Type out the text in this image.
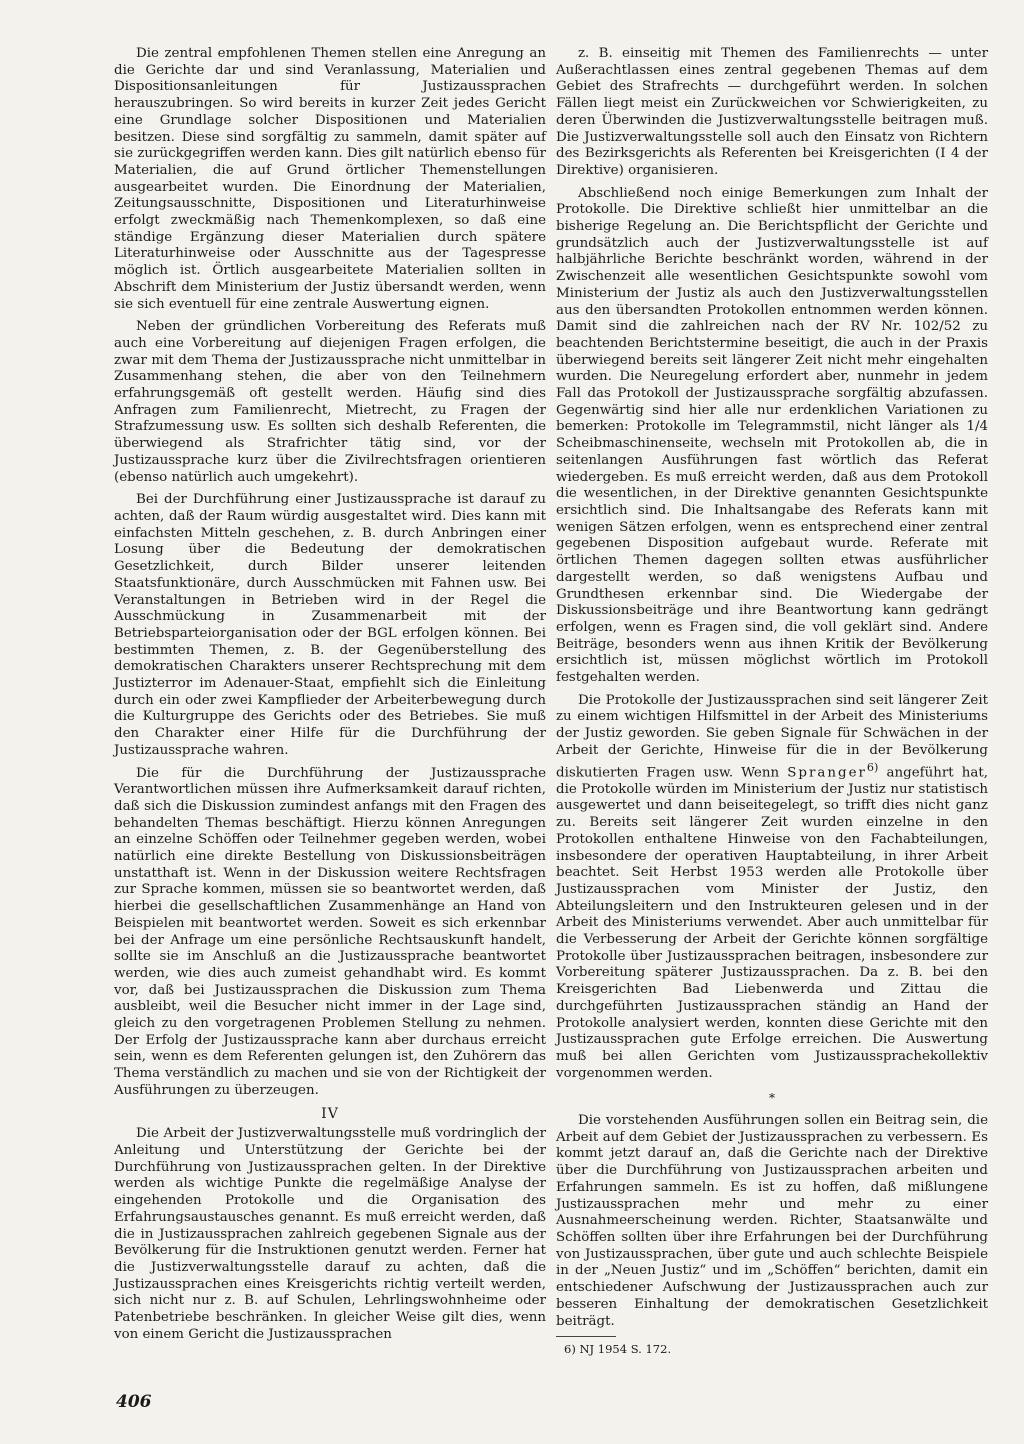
Die zentral empfohlenen Themen stellen eine Anregung an die Gerichte dar und sind Veranlassung, Materialien und Dispositionsanleitungen für Justizaussprachen herauszubringen. So wird bereits in kurzer Zeit jedes Gericht eine Grundlage solcher Dispositionen und Materialien besitzen. Diese sind sorgfältig zu sammeln, damit später auf sie zurückgegriffen werden kann. Dies gilt natürlich ebenso für Materialien, die auf Grund örtlicher Themenstellungen ausgearbeitet wurden. Die Einordnung der Materialien, Zeitungsausschnitte, Dispositionen und Literaturhinweise erfolgt zweckmäßig nach Themenkomplexen, so daß eine ständige Ergänzung dieser Materialien durch spätere Literaturhinweise oder Ausschnitte aus der Tagespresse möglich ist. Örtlich ausgearbeitete Materialien sollten in Abschrift dem Ministerium der Justiz übersandt werden, wenn sie sich eventuell für eine zentrale Auswertung eignen.

Neben der gründlichen Vorbereitung des Referats muß auch eine Vorbereitung auf diejenigen Fragen erfolgen, die zwar mit dem Thema der Justizaussprache nicht unmittelbar in Zusammenhang stehen, die aber von den Teilnehmern erfahrungsgemäß oft gestellt werden. Häufig sind dies Anfragen zum Familienrecht, Mietrecht, zu Fragen der Strafzumessung usw. Es sollten sich deshalb Referenten, die überwiegend als Strafrichter tätig sind, vor der Justizaussprache kurz über die Zivilrechtsfragen orientieren (ebenso natürlich auch umgekehrt).

Bei der Durchführung einer Justizaussprache ist darauf zu achten, daß der Raum würdig ausgestaltet wird. Dies kann mit einfachsten Mitteln geschehen, z. B. durch Anbringen einer Losung über die Bedeutung der demokratischen Gesetzlichkeit, durch Bilder unserer leitenden Staatsfunktionäre, durch Ausschmücken mit Fahnen usw. Bei Veranstaltungen in Betrieben wird in der Regel die Ausschmückung in Zusammenarbeit mit der Betriebsparteiorganisation oder der BGL erfolgen können. Bei bestimmten Themen, z. B. der Gegenüberstellung des demokratischen Charakters unserer Rechtsprechung mit dem Justizterror im Adenauer-Staat, empfiehlt sich die Einleitung durch ein oder zwei Kampflieder der Arbeiterbewegung durch die Kulturgruppe des Gerichts oder des Betriebes. Sie muß den Charakter einer Hilfe für die Durchführung der Justizaussprache wahren.

Die für die Durchführung der Justizaussprache Verantwortlichen müssen ihre Aufmerksamkeit darauf richten, daß sich die Diskussion zumindest anfangs mit den Fragen des behandelten Themas beschäftigt. Hierzu können Anregungen an einzelne Schöffen oder Teilnehmer gegeben werden, wobei natürlich eine direkte Bestellung von Diskussionsbeiträgen unstatthaft ist. Wenn in der Diskussion weitere Rechtsfragen zur Sprache kommen, müssen sie so beantwortet werden, daß hierbei die gesellschaftlichen Zusammenhänge an Hand von Beispielen mit beantwortet werden. Soweit es sich erkennbar bei der Anfrage um eine persönliche Rechtsauskunft handelt, sollte sie im Anschluß an die Justizaussprache beantwortet werden, wie dies auch zumeist gehandhabt wird. Es kommt vor, daß bei Justizaussprachen die Diskussion zum Thema ausbleibt, weil die Besucher nicht immer in der Lage sind, gleich zu den vorgetragenen Problemen Stellung zu nehmen. Der Erfolg der Justizaussprache kann aber durchaus erreicht sein, wenn es dem Referenten gelungen ist, den Zuhörern das Thema verständlich zu machen und sie von der Richtigkeit der Ausführungen zu überzeugen.

IV

Die Arbeit der Justizverwaltungsstelle muß vordringlich der Anleitung und Unterstützung der Gerichte bei der Durchführung von Justizaussprachen gelten. In der Direktive werden als wichtige Punkte die regelmäßige Analyse der eingehenden Protokolle und die Organisation des Erfahrungsaustausches genannt. Es muß erreicht werden, daß die in Justizaussprachen zahlreich gegebenen Signale aus der Bevölkerung für die Instruktionen genutzt werden. Ferner hat die Justizverwaltungsstelle darauf zu achten, daß die Justizaussprachen eines Kreisgerichts richtig verteilt werden, sich nicht nur z. B. auf Schulen, Lehrlingswohnheime oder Patenbetriebe beschränken. In gleicher Weise gilt dies, wenn von einem Gericht die Justizaussprachen

z. B. einseitig mit Themen des Familienrechts — unter Außerachtlassen eines zentral gegebenen Themas auf dem Gebiet des Strafrechts — durchgeführt werden. In solchen Fällen liegt meist ein Zurückweichen vor Schwierigkeiten, zu deren Überwinden die Justizverwaltungsstelle beitragen muß. Die Justizverwaltungsstelle soll auch den Einsatz von Richtern des Bezirksgerichts als Referenten bei Kreisgerichten (I 4 der Direktive) organisieren.

Abschließend noch einige Bemerkungen zum Inhalt der Protokolle. Die Direktive schließt hier unmittelbar an die bisherige Regelung an. Die Berichtspflicht der Gerichte und grundsätzlich auch der Justizverwaltungsstelle ist auf halbjährliche Berichte beschränkt worden, während in der Zwischenzeit alle wesentlichen Gesichtspunkte sowohl vom Ministerium der Justiz als auch den Justizverwaltungsstellen aus den übersandten Protokollen entnommen werden können. Damit sind die zahlreichen nach der RV Nr. 102/52 zu beachtenden Berichtstermine beseitigt, die auch in der Praxis überwiegend bereits seit längerer Zeit nicht mehr eingehalten wurden. Die Neuregelung erfordert aber, nunmehr in jedem Fall das Protokoll der Justizaussprache sorgfältig abzufassen. Gegenwärtig sind hier alle nur erdenklichen Variationen zu bemerken: Protokolle im Telegrammstil, nicht länger als 1/4 Scheibmaschinenseite, wechseln mit Protokollen ab, die in seitenlangen Ausführungen fast wörtlich das Referat wiedergeben. Es muß erreicht werden, daß aus dem Protokoll die wesentlichen, in der Direktive genannten Gesichtspunkte ersichtlich sind. Die Inhaltsangabe des Referats kann mit wenigen Sätzen erfolgen, wenn es entsprechend einer zentral gegebenen Disposition aufgebaut wurde. Referate mit örtlichen Themen dagegen sollten etwas ausführlicher dargestellt werden, so daß wenigstens Aufbau und Grundthesen erkennbar sind. Die Wiedergabe der Diskussionsbeiträge und ihre Beantwortung kann gedrängt erfolgen, wenn es Fragen sind, die voll geklärt sind. Andere Beiträge, besonders wenn aus ihnen Kritik der Bevölkerung ersichtlich ist, müssen möglichst wörtlich im Protokoll festgehalten werden.

Die Protokolle der Justizaussprachen sind seit längerer Zeit zu einem wichtigen Hilfsmittel in der Arbeit des Ministeriums der Justiz geworden. Sie geben Signale für Schwächen in der Arbeit der Gerichte, Hinweise für die in der Bevölkerung diskutierten Fragen usw. Wenn Spranger$^{6)}$ angeführt hat, die Protokolle würden im Ministerium der Justiz nur statistisch ausgewertet und dann beiseitegelegt, so trifft dies nicht ganz zu. Bereits seit längerer Zeit wurden einzelne in den Protokollen enthaltene Hinweise von den Fachabteilungen, insbesondere der operativen Hauptabteilung, in ihrer Arbeit beachtet. Seit Herbst 1953 werden alle Protokolle über Justizaussprachen vom Minister der Justiz, den Abteilungsleitern und den Instrukteuren gelesen und in der Arbeit des Ministeriums verwendet. Aber auch unmittelbar für die Verbesserung der Arbeit der Gerichte können sorgfältige Protokolle über Justizaussprachen beitragen, insbesondere zur Vorbereitung späterer Justizaussprachen. Da z. B. bei den Kreisgerichten Bad Liebenwerda und Zittau die durchgeführten Justizaussprachen ständig an Hand der Protokolle analysiert werden, konnten diese Gerichte mit den Justizaussprachen gute Erfolge erreichen. Die Auswertung muß bei allen Gerichten vom Justizaussprachekollektiv vorgenommen werden.

*

Die vorstehenden Ausführungen sollen ein Beitrag sein, die Arbeit auf dem Gebiet der Justizaussprachen zu verbessern. Es kommt jetzt darauf an, daß die Gerichte nach der Direktive über die Durchführung von Justizaussprachen arbeiten und Erfahrungen sammeln. Es ist zu hoffen, daß mißlungene Justizaussprachen mehr und mehr zu einer Ausnahmeerscheinung werden. Richter, Staatsanwälte und Schöffen sollten über ihre Erfahrungen bei der Durchführung von Justizaussprachen, über gute und auch schlechte Beispiele in der „Neuen Justiz“ und im „Schöffen“ berichten, damit ein entschiedener Aufschwung der Justizaussprachen auch zur besseren Einhaltung der demokratischen Gesetzlichkeit beiträgt.

6) NJ 1954 S. 172.

406
